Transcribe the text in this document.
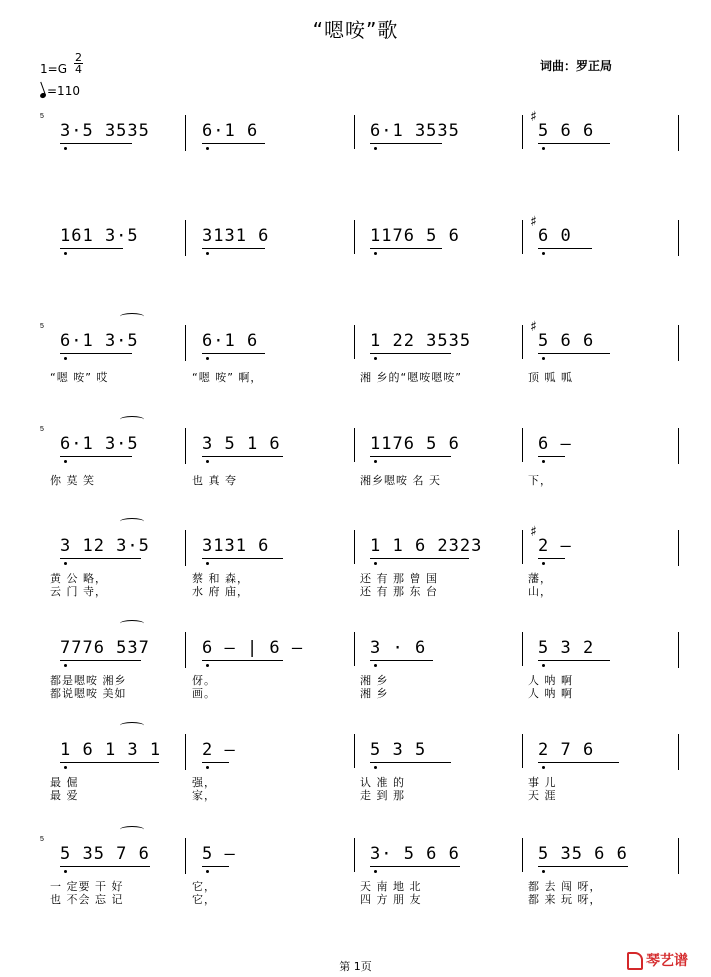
“嗯咹”歌
词曲：罗正局
$1=G \frac{2}{4}$
=110
3·5 3535	6·1 6	6·1 3535	5 6 6
5	♯
161 3·5	3131 6	1176 5 6	6 0
♯
6·1 3·5
“嗯 咹” 哎
6·1 6
“嗯 咹” 啊，
1 22 3535
湘 乡的“嗯咹嗯咹”
5 6 6
顶 呱 呱
5	♯
6·1 3·5
你 莫 笑
3 5 1 6
也 真 夸
1176 5 6
湘乡嗯咹 名 天
6 –
下，
5
3 12 3·5
黄 公 略，
云 门 寺，
3131 6
蔡 和 森，
水 府 庙，
1 1 6 2323
还 有 那 曾 国
还 有 那 东 台
2 –
藩，
山，
♯
7776 537
都是嗯咹 湘乡
都说嗯咹 美如
6 – | 6 –
伢。
画。
3 · 6
湘 乡
湘 乡
5 3 2
人 呐 啊
人 呐 啊
1 6 1 3 1
最 倔
最 爱
2 –
强，
家，
5 3 5
认 准 的
走 到 那
2 7 6
事 儿
天 涯
5 35 7 6
一 定要 干 好
也 不会 忘 记
5 –
它，
它，
3· 5 6 6
天 南 地 北
四 方 朋 友
5 35 6 6
都 去 闯 呀，
都 来 玩 呀，
5
第 1页	琴艺谱
